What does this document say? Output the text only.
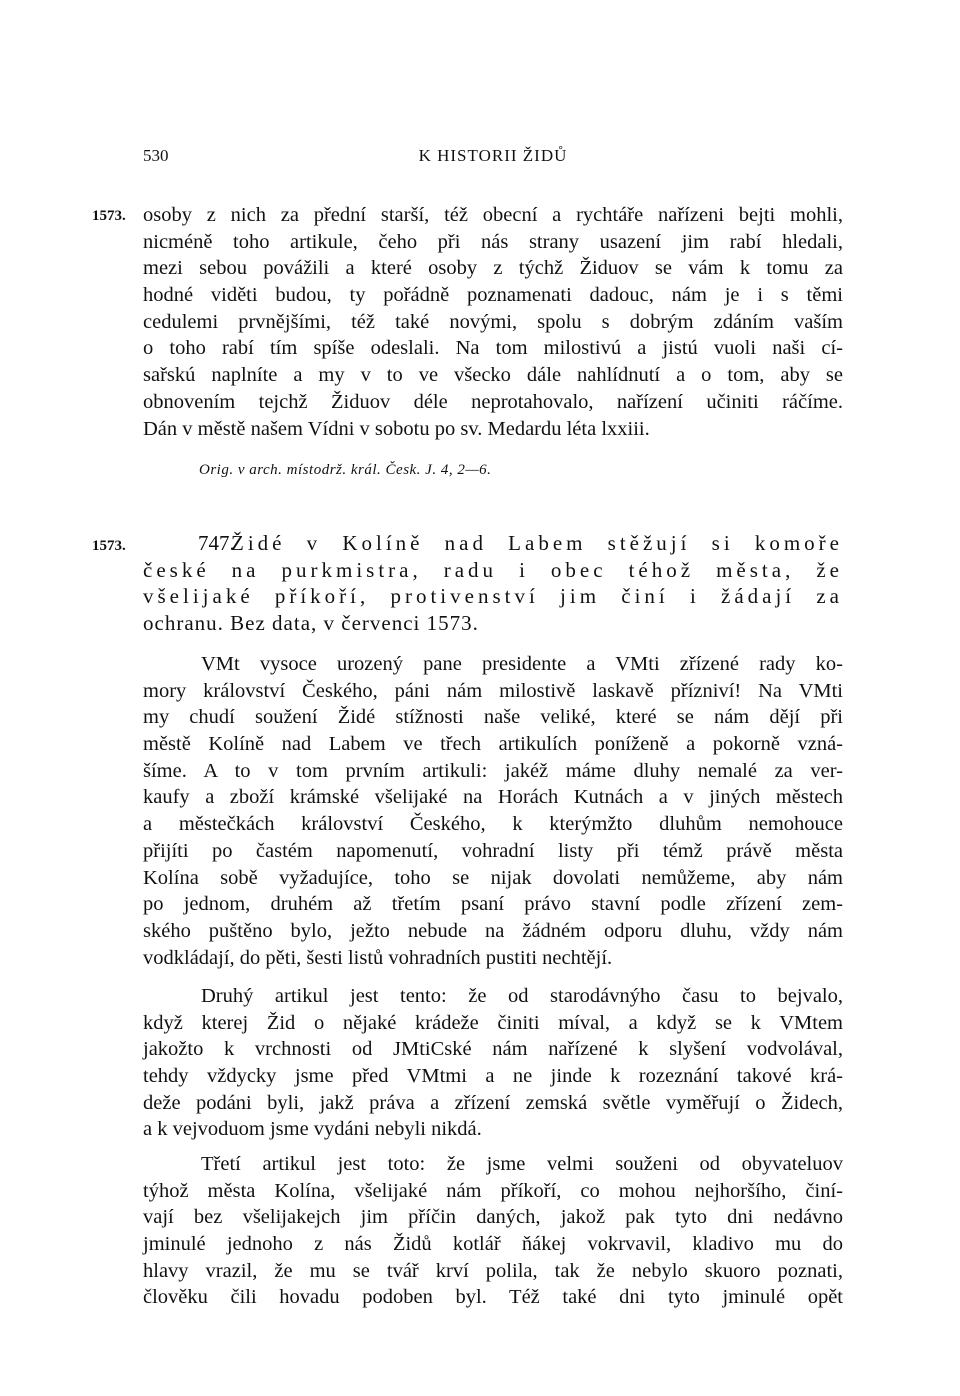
530	K HISTORII ŽIDŮ
1573.
1573.
osoby z nich za přední starší, též obecní a rychtáře nařízeni bejti mohli,
nicméně toho artikule, čeho při nás strany usazení jim rabí hledali,
mezi sebou povážili a které osoby z týchž Židuov se vám k tomu za
hodné viděti budou, ty pořádně poznamenati dadouc, nám je i s těmi
cedulemi prvnějšími, též také novými, spolu s dobrým zdáním vaším
o toho rabí tím spíše odeslali. Na tom milostivú a jistú vuoli naši cí-
sařskú naplníte a my v to ve všecko dále nahlídnutí a o tom, aby se
obnovením tejchž Židuov déle neprotahovalo, nařízení učiniti ráčíme.
Dán v městě našem Vídni v sobotu po sv. Medardu léta lxxiii.
Orig. v arch. místodrž. král. Česk. J. 4, 2—6.
747.
Židé v Kolíně nad Labem stěžují si komoře
české na purkmistra, radu i obec téhož města, že
všelijaké příkoří, protivenství jim činí i žádají za
ochranu. Bez data, v červenci 1573.
VMt vysoce urozený pane presidente a VMti zřízené rady ko-
mory království Českého, páni nám milostivě laskavě přízniví! Na VMti
my chudí soužení Židé stížnosti naše veliké, které se nám dějí při
městě Kolíně nad Labem ve třech artikulích poníženě a pokorně vzná-
šíme. A to v tom prvním artikuli: jakéž máme dluhy nemalé za ver-
kaufy a zboží krámské všelijaké na Horách Kutnách a v jiných městech
a městečkách království Českého, k kterýmžto dluhům nemohouce
přijíti po častém napomenutí, vohradní listy při témž právě města
Kolína sobě vyžadujíce, toho se nijak dovolati nemůžeme, aby nám
po jednom, druhém až třetím psaní právo stavní podle zřízení zem-
ského puštěno bylo, ježto nebude na žádném odporu dluhu, vždy nám
vodkládají, do pěti, šesti listů vohradních pustiti nechtějí.
Druhý artikul jest tento: že od starodávnýho času to bejvalo,
když kterej Žid o nějaké krádeže činiti míval, a když se k VMtem
jakožto k vrchnosti od JMtiCské nám nařízené k slyšení vodvolával,
tehdy vždycky jsme před VMtmi a ne jinde k rozeznání takové krá-
deže podáni byli, jakž práva a zřízení zemská světle vyměřují o Židech,
a k vejvoduom jsme vydáni nebyli nikdá.
Třetí artikul jest toto: že jsme velmi souženi od obyvateluov
týhož města Kolína, všelijaké nám příkoří, co mohou nejhoršího, činí-
vají bez všelijakejch jim příčin daných, jakož pak tyto dni nedávno
jminulé jednoho z nás Židů kotlář ňákej vokrvavil, kladivo mu do
hlavy vrazil, že mu se tvář krví polila, tak že nebylo skuoro poznati,
člověku čili hovadu podoben byl. Též také dni tyto jminulé opět
